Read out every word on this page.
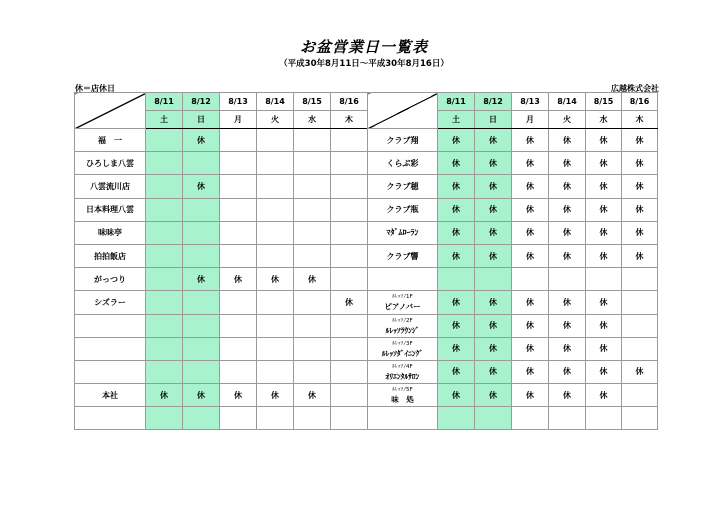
お盆営業日一覧表
（平成30年8月11日～平成30年8月16日）
休＝店休日	広越株式会社
	8/11	8/12	8/13	8/14	8/15	8/16
	土	日	月	火	水	木
福　一		休				
ひろしま八雲						
八雲流川店		休				
日本料理八雲						
味味亭						
拍拍飯店						
がっつり		休	休	休	休	
シズラー						休

本社	休	休	休	休	休	

	8/11	8/12	8/13	8/14	8/15	8/16
	土	日	月	火	水	木
クラブ翔	休	休	休	休	休	休
くらぶ彩	休	休	休	休	休	休
クラブ穂	休	休	休	休	休	休
クラブ瓶	休	休	休	休	休	休
ﾏﾀﾞﾑﾛｰﾗﾝ	休	休	休	休	休	休
クラブ響	休	休	休	休	休	休

ﾙﾚｯｿﾉ1F
ピアノバー	休	休	休	休	休	

ﾙﾚｯｿﾉ2F
ﾙﾚｯｿﾗｳﾝｼﾞ	休	休	休	休	休	

ﾙﾚｯｿﾉ3F
ﾙﾚｯｿﾀﾞｲﾆﾝｸﾞ	休	休	休	休	休	

ﾙﾚｯｿﾉ4F
ｵﾘｴﾝﾀﾙｻﾛﾝ	休	休	休	休	休	休

ﾙﾚｯｿﾉ5F
味　処	休	休	休	休	休	
